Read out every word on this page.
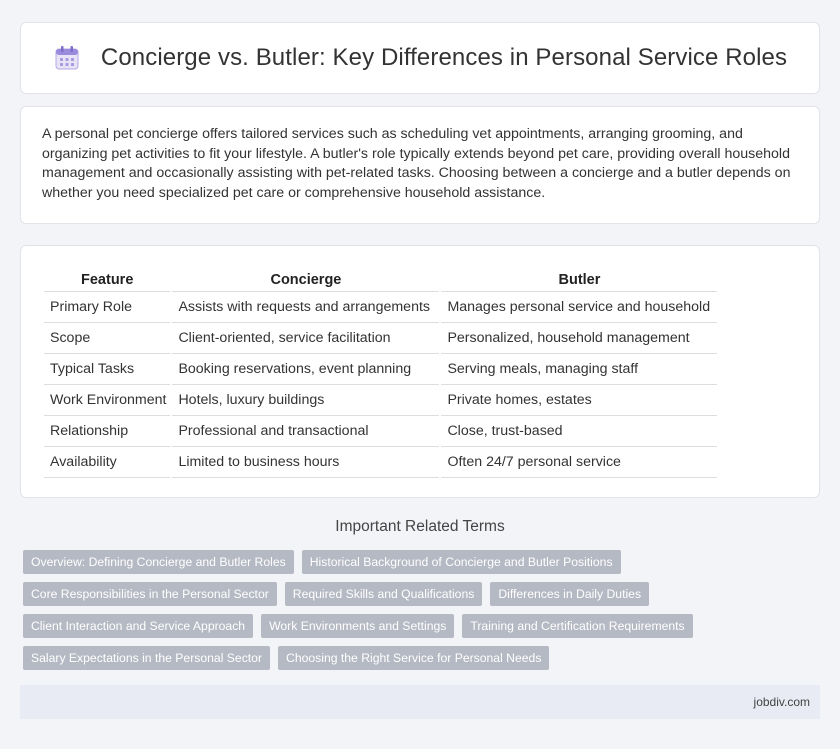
Concierge vs. Butler: Key Differences in Personal Service Roles

A personal pet concierge offers tailored services such as scheduling vet appointments, arranging grooming, and organizing pet activities to fit your lifestyle. A butler's role typically extends beyond pet care, providing overall household management and occasionally assisting with pet-related tasks. Choosing between a concierge and a butler depends on whether you need specialized pet care or comprehensive household assistance.

Feature	Concierge	Butler
Primary Role	Assists with requests and arrangements	Manages personal service and household
Scope	Client-oriented, service facilitation	Personalized, household management
Typical Tasks	Booking reservations, event planning	Serving meals, managing staff
Work Environment	Hotels, luxury buildings	Private homes, estates
Relationship	Professional and transactional	Close, trust-based
Availability	Limited to business hours	Often 24/7 personal service
Important Related Terms
Overview: Defining Concierge and Butler Roles	Historical Background of Concierge and Butler Positions
Core Responsibilities in the Personal Sector	Required Skills and Qualifications	Differences in Daily Duties
Client Interaction and Service Approach	Work Environments and Settings	Training and Certification Requirements
Salary Expectations in the Personal Sector	Choosing the Right Service for Personal Needs
jobdiv.com
